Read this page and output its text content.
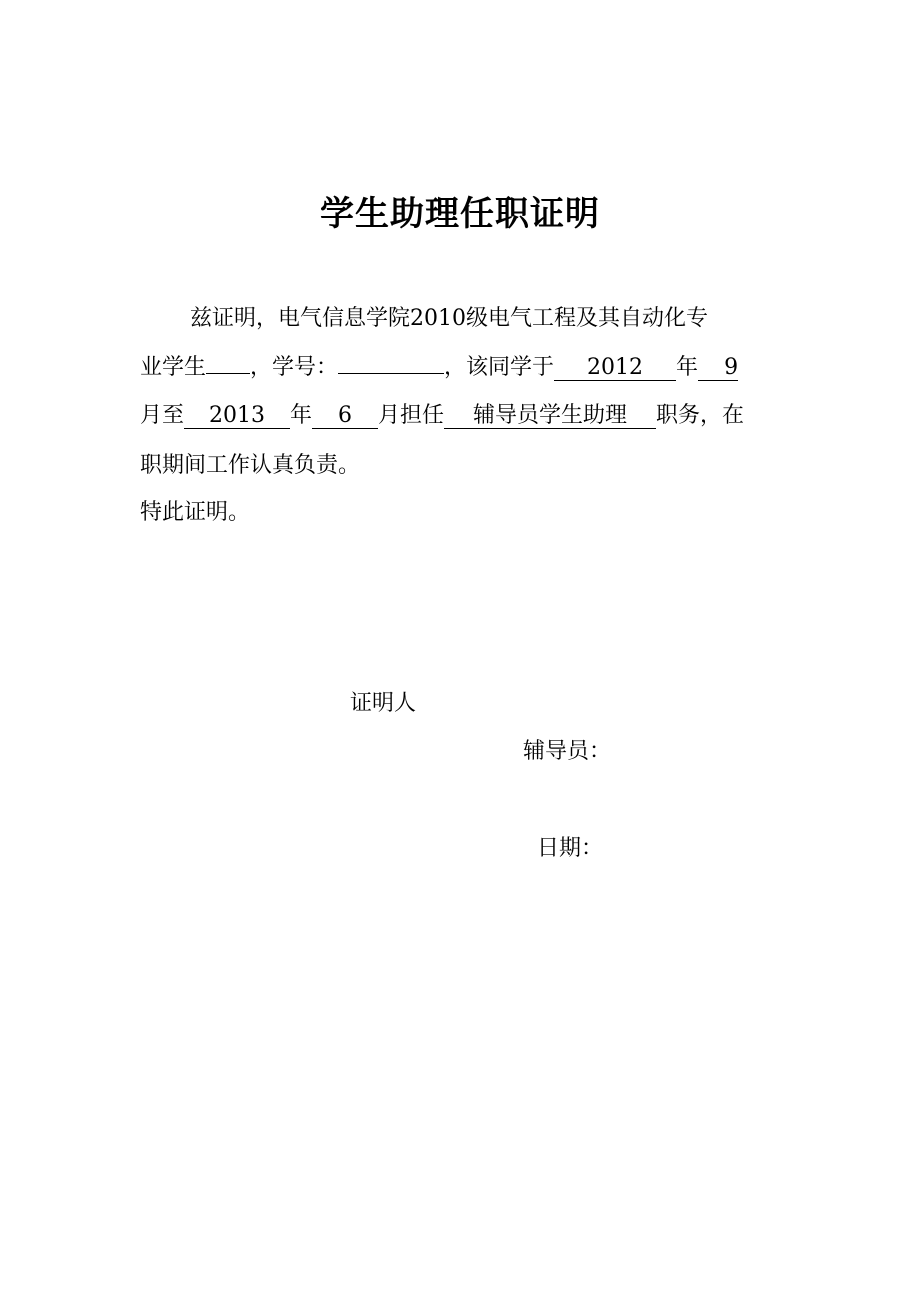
学生助理任职证明
兹证明，电气信息学院2010级电气工程及其自动化专
业学生 ，学号：	，该同学于 2012 年 9
月至 2013 年 6 月担任 辅导员学生助理 职务，在
职期间工作认真负责。
特此证明。
证明人
辅导员：
日期：
